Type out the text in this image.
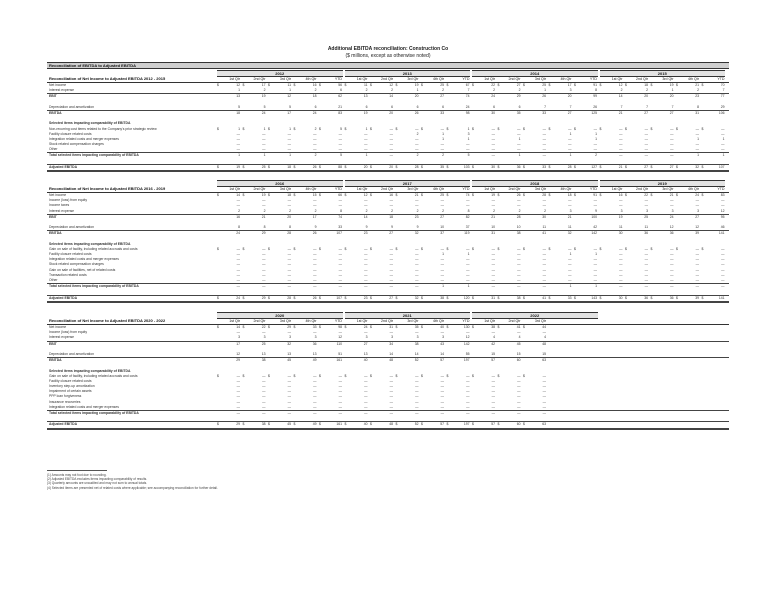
Additional EBITDA reconciliation: Construction Co
($ millions, except as otherwise noted)
Reconciliation of EBITDA to Adjusted EBITDA
2012	2013	2014	2015
Reconciliation of Net Income to Adjusted EBITDA 2012 - 2015	1st Qtr	2nd Qtr	3rd Qtr	4th Qtr	YTD	1st Qtr	2nd Qtr	3rd Qtr	4th Qtr	YTD	1st Qtr	2nd Qtr	3rd Qtr	4th Qtr	YTD	1st Qtr	2nd Qtr	3rd Qtr	4th Qtr	YTD
Net income	$	12 $	17 $	11 $	16 $	56 $	11 $	12 $	19 $	25 $	67 $	22 $	27 $	25 $	17 $	91 $	12 $	18 $	19 $	21 $	70
Interest expense	1	2	1	2	6	2	2	1	2	7	2	2	1	3	8	2	2	1	2	7
EBIT	13	19	12	18	62	13	14	20	27	74	24	29	26	20	99	14	20	20	23	77
Depreciation and amortization	5	5	5	6	21	6	6	6	6	24	6	6	7	7	26	7	7	7	8	29
EBITDA	18	24	17	24	83	19	20	26	33	98	30	35	33	27	125	21	27	27	31	106
Selected items impacting comparability of EBITDA
Non-recurring cost items related to the Company's prior strategic review	$	1 $	1 $	1 $	2 $	5 $	1 $	— $	— $	— $	1 $	— $	— $	— $	— $	— $	— $	— $	— $	— $	—
Facility closure related costs	—	—	—	—	—	—	—	2	1	3	—	—	—	1	1	—	—	—	—	—
Integration related costs and merger expenses	—	—	—	—	—	—	—	—	1	1	—	1	—	—	1	—	—	—	1	1
Stock related compensation charges	—	—	—	—	—	—	—	—	—	—	—	—	—	—	—	—	—	—	—	—
Other	—	—	—	—	—	—	—	—	—	—	—	—	—	—	—	—	—	—	—	—
Total selected items impacting comparability of EBITDA	1	1	1	2	5	1	—	2	2	5	—	1	—	1	2	—	—	—	1	1
Adjusted EBITDA	$	19 $	25 $	18 $	26 $	88 $	20 $	20 $	28 $	35 $	103 $	30 $	36 $	33 $	28 $	127 $	21 $	27 $	27 $	32 $	107
2016	2017	2018	2019
Reconciliation of Net Income to Adjusted EBITDA 2016 - 2019	1st Qtr	2nd Qtr	3rd Qtr	4th Qtr	YTD	1st Qtr	2nd Qtr	3rd Qtr	4th Qtr	YTD	1st Qtr	2nd Qtr	3rd Qtr	4th Qtr	YTD	1st Qtr	2nd Qtr	3rd Qtr	4th Qtr	YTD
Net income	$	14 $	19 $	18 $	15 $	66 $	12 $	16 $	21 $	25 $	74 $	19 $	26 $	28 $	18 $	91 $	16 $	22 $	21 $	24 $	83
Income (loss) from equity	—	—	—	—	—	—	—	—	—	—	—	—	—	—	—	—	—	—	—	—
Income taxes	—	—	—	—	—	—	—	—	—	—	—	—	—	—	—	—	—	—	—	—
Interest expense	2	2	2	2	8	2	2	2	2	8	2	2	2	3	9	3	3	3	3	12
EBIT	16	21	20	17	74	14	18	23	27	82	21	28	30	21	100	19	25	24	27	95
Depreciation and amortization	8	8	8	9	33	9	9	9	10	37	10	10	11	11	42	11	11	12	12	46
EBITDA	24	29	28	26	107	23	27	32	37	119	31	38	41	32	142	30	36	36	39	141
Selected items impacting comparability of EBITDA
Gain on sale of facility, including related accruals and costs	$	— $	— $	— $	— $	— $	— $	— $	— $	— $	— $	— $	— $	— $	— $	— $	— $	— $	— $	— $	—
Facility closure related costs	—	—	—	—	—	—	—	—	1	1	—	—	—	1	1	—	—	—	—	—
Integration related costs and merger expenses	—	—	—	—	—	—	—	—	—	—	—	—	—	—	—	—	—	—	—	—
Stock related compensation charges	—	—	—	—	—	—	—	—	—	—	—	—	—	—	—	—	—	—	—	—
Gain on sale of facilities, net of related costs	—	—	—	—	—	—	—	—	—	—	—	—	—	—	—	—	—	—	—	—
Transaction related costs	—	—	—	—	—	—	—	—	—	—	—	—	—	—	—	—	—	—	—	—
Other	—	—	—	—	—	—	—	—	—	—	—	—	—	—	—	—	—	—	—	—
Total selected items impacting comparability of EBITDA	—	—	—	—	—	—	—	—	1	1	—	—	—	1	1	—	—	—	—	—
Adjusted EBITDA	$	24 $	29 $	28 $	26 $	107 $	23 $	27 $	32 $	38 $	120 $	31 $	38 $	41 $	33 $	143 $	30 $	36 $	36 $	39 $	141
2020	2021	2022
Reconciliation of Net Income to Adjusted EBITDA 2020 - 2022	1st Qtr	2nd Qtr	3rd Qtr	4th Qtr	YTD	1st Qtr	2nd Qtr	3rd Qtr	4th Qtr	YTD	1st Qtr	2nd Qtr	3rd Qtr
Net income	$	14 $	22 $	29 $	33 $	98 $	24 $	31 $	35 $	40 $	130 $	38 $	41 $	44
Income (loss) from equity	—	—	—	—	—	—	—	—	—	—	—	—	—
Interest expense	3	3	3	3	12	3	3	3	3	12	4	4	4
EBIT	17	25	32	36	110	27	34	38	43	142	42	45	48
Depreciation and amortization	12	13	13	13	51	13	14	14	14	55	15	15	15
EBITDA	29	38	45	49	161	40	48	52	57	197	57	60	63
Selected items impacting comparability of EBITDA
Gain on sale of facility, including related accruals and costs	$	— $	— $	— $	— $	— $	— $	— $	— $	— $	— $	— $	— $	—
Facility closure related costs	—	—	—	—	—	—	—	—	—	—	—	—	—
Inventory step-up amortization	—	—	—	—	—	—	—	—	—	—	—	—	—
Impairment of certain assets	—	—	—	—	—	—	—	—	—	—	—	—	—
PPP loan forgiveness	—	—	—	—	—	—	—	—	—	—	—	—	—
Insurance recoveries	—	—	—	—	—	—	—	—	—	—	—	—	—
Integration related costs and merger expenses	—	—	—	—	—	—	—	—	—	—	—	—	—
Total selected items impacting comparability of EBITDA	—	—	—	—	—	—	—	—	—	—	—	—	—
Adjusted EBITDA	$	29 $	38 $	45 $	49 $	161 $	40 $	48 $	52 $	57 $	197 $	57 $	60 $	63
(1) Amounts may not foot due to rounding.
(2) Adjusted EBITDA excludes items impacting comparability of results.
(3) Quarterly amounts are unaudited and may not sum to annual totals.
(4) Selected items are presented net of related costs where applicable; see accompanying reconciliation for further detail.
